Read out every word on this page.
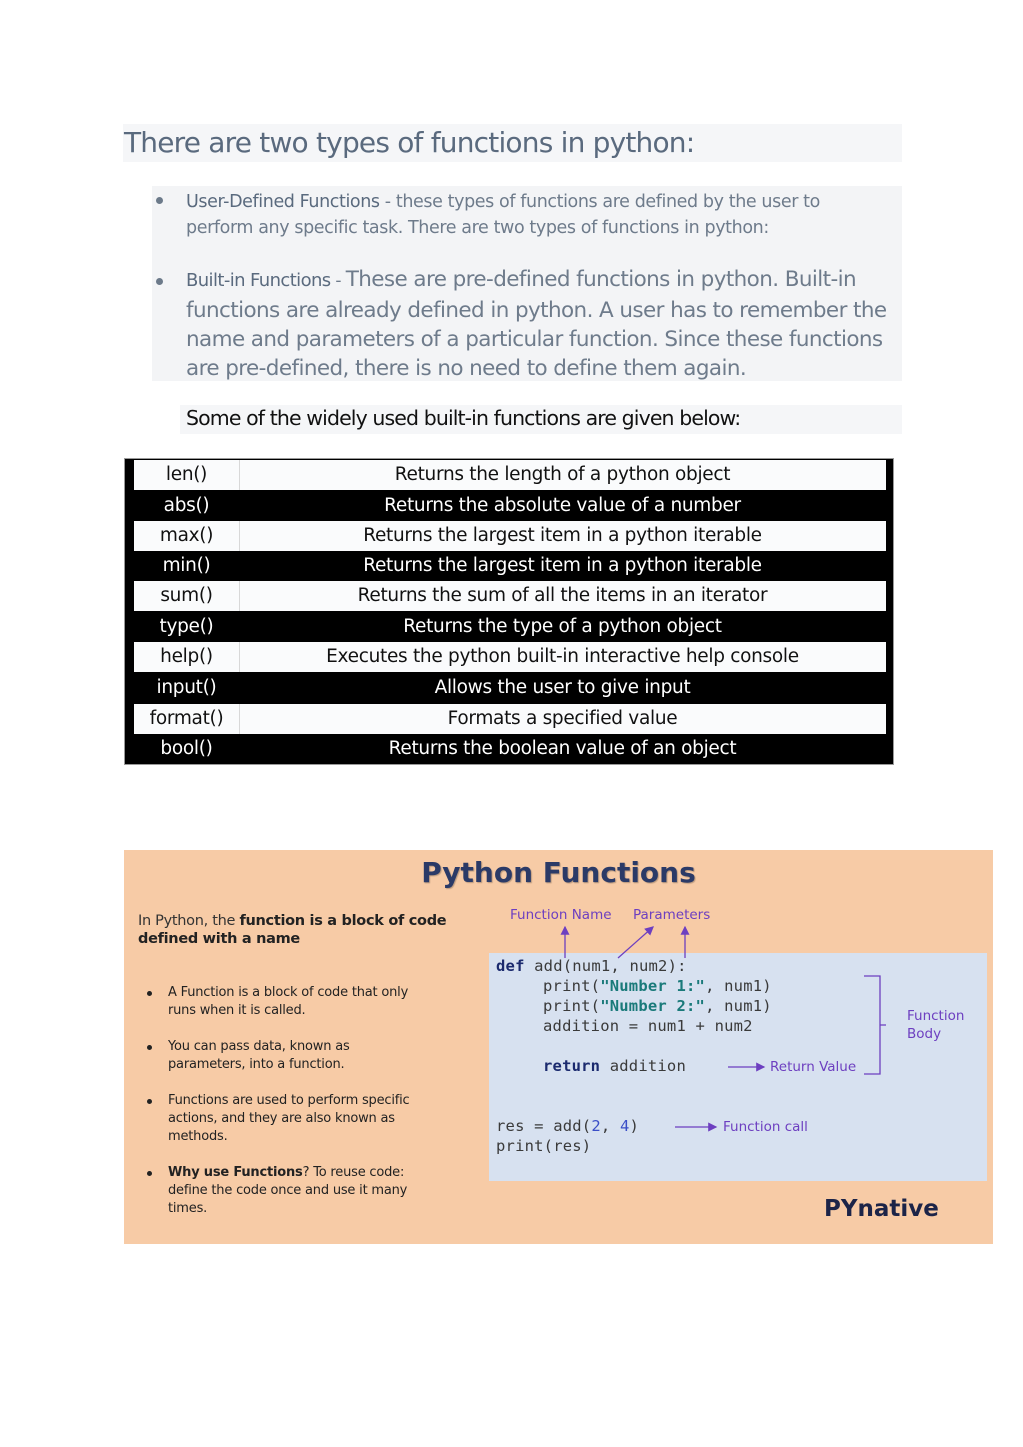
There are two types of functions in python:
User-Defined Functions - these types of functions are defined by the user to perform any specific task. There are two types of functions in python:
Built-in Functions - These are pre-defined functions in python. Built-in functions are already defined in python. A user has to remember the name and parameters of a particular function. Since these functions are pre-defined, there is no need to define them again.
Some of the widely used built-in functions are given below:
len()	Returns the length of a python object
abs()	Returns the absolute value of a number
max()	Returns the largest item in a python iterable
min()	Returns the largest item in a python iterable
sum()	Returns the sum of all the items in an iterator
type()	Returns the type of a python object
help()	Executes the python built-in interactive help console
input()	Allows the user to give input
format()	Formats a specified value
bool()	Returns the boolean value of an object
Python Functions
In Python, the function is a block of code defined with a name
A Function is a block of code that only runs when it is called.
You can pass data, known as parameters, into a function.
Functions are used to perform specific actions, and they are also known as methods.
Why use Functions? To reuse code: define the code once and use it many times.
Function Name Parameters
def add(num1, num2):
print("Number 1:", num1)
print("Number 2:", num1)
addition = num1 + num2
return addition
res = add(2, 4)
print(res)
Return Value
Function call
Function
Body
PYnative
